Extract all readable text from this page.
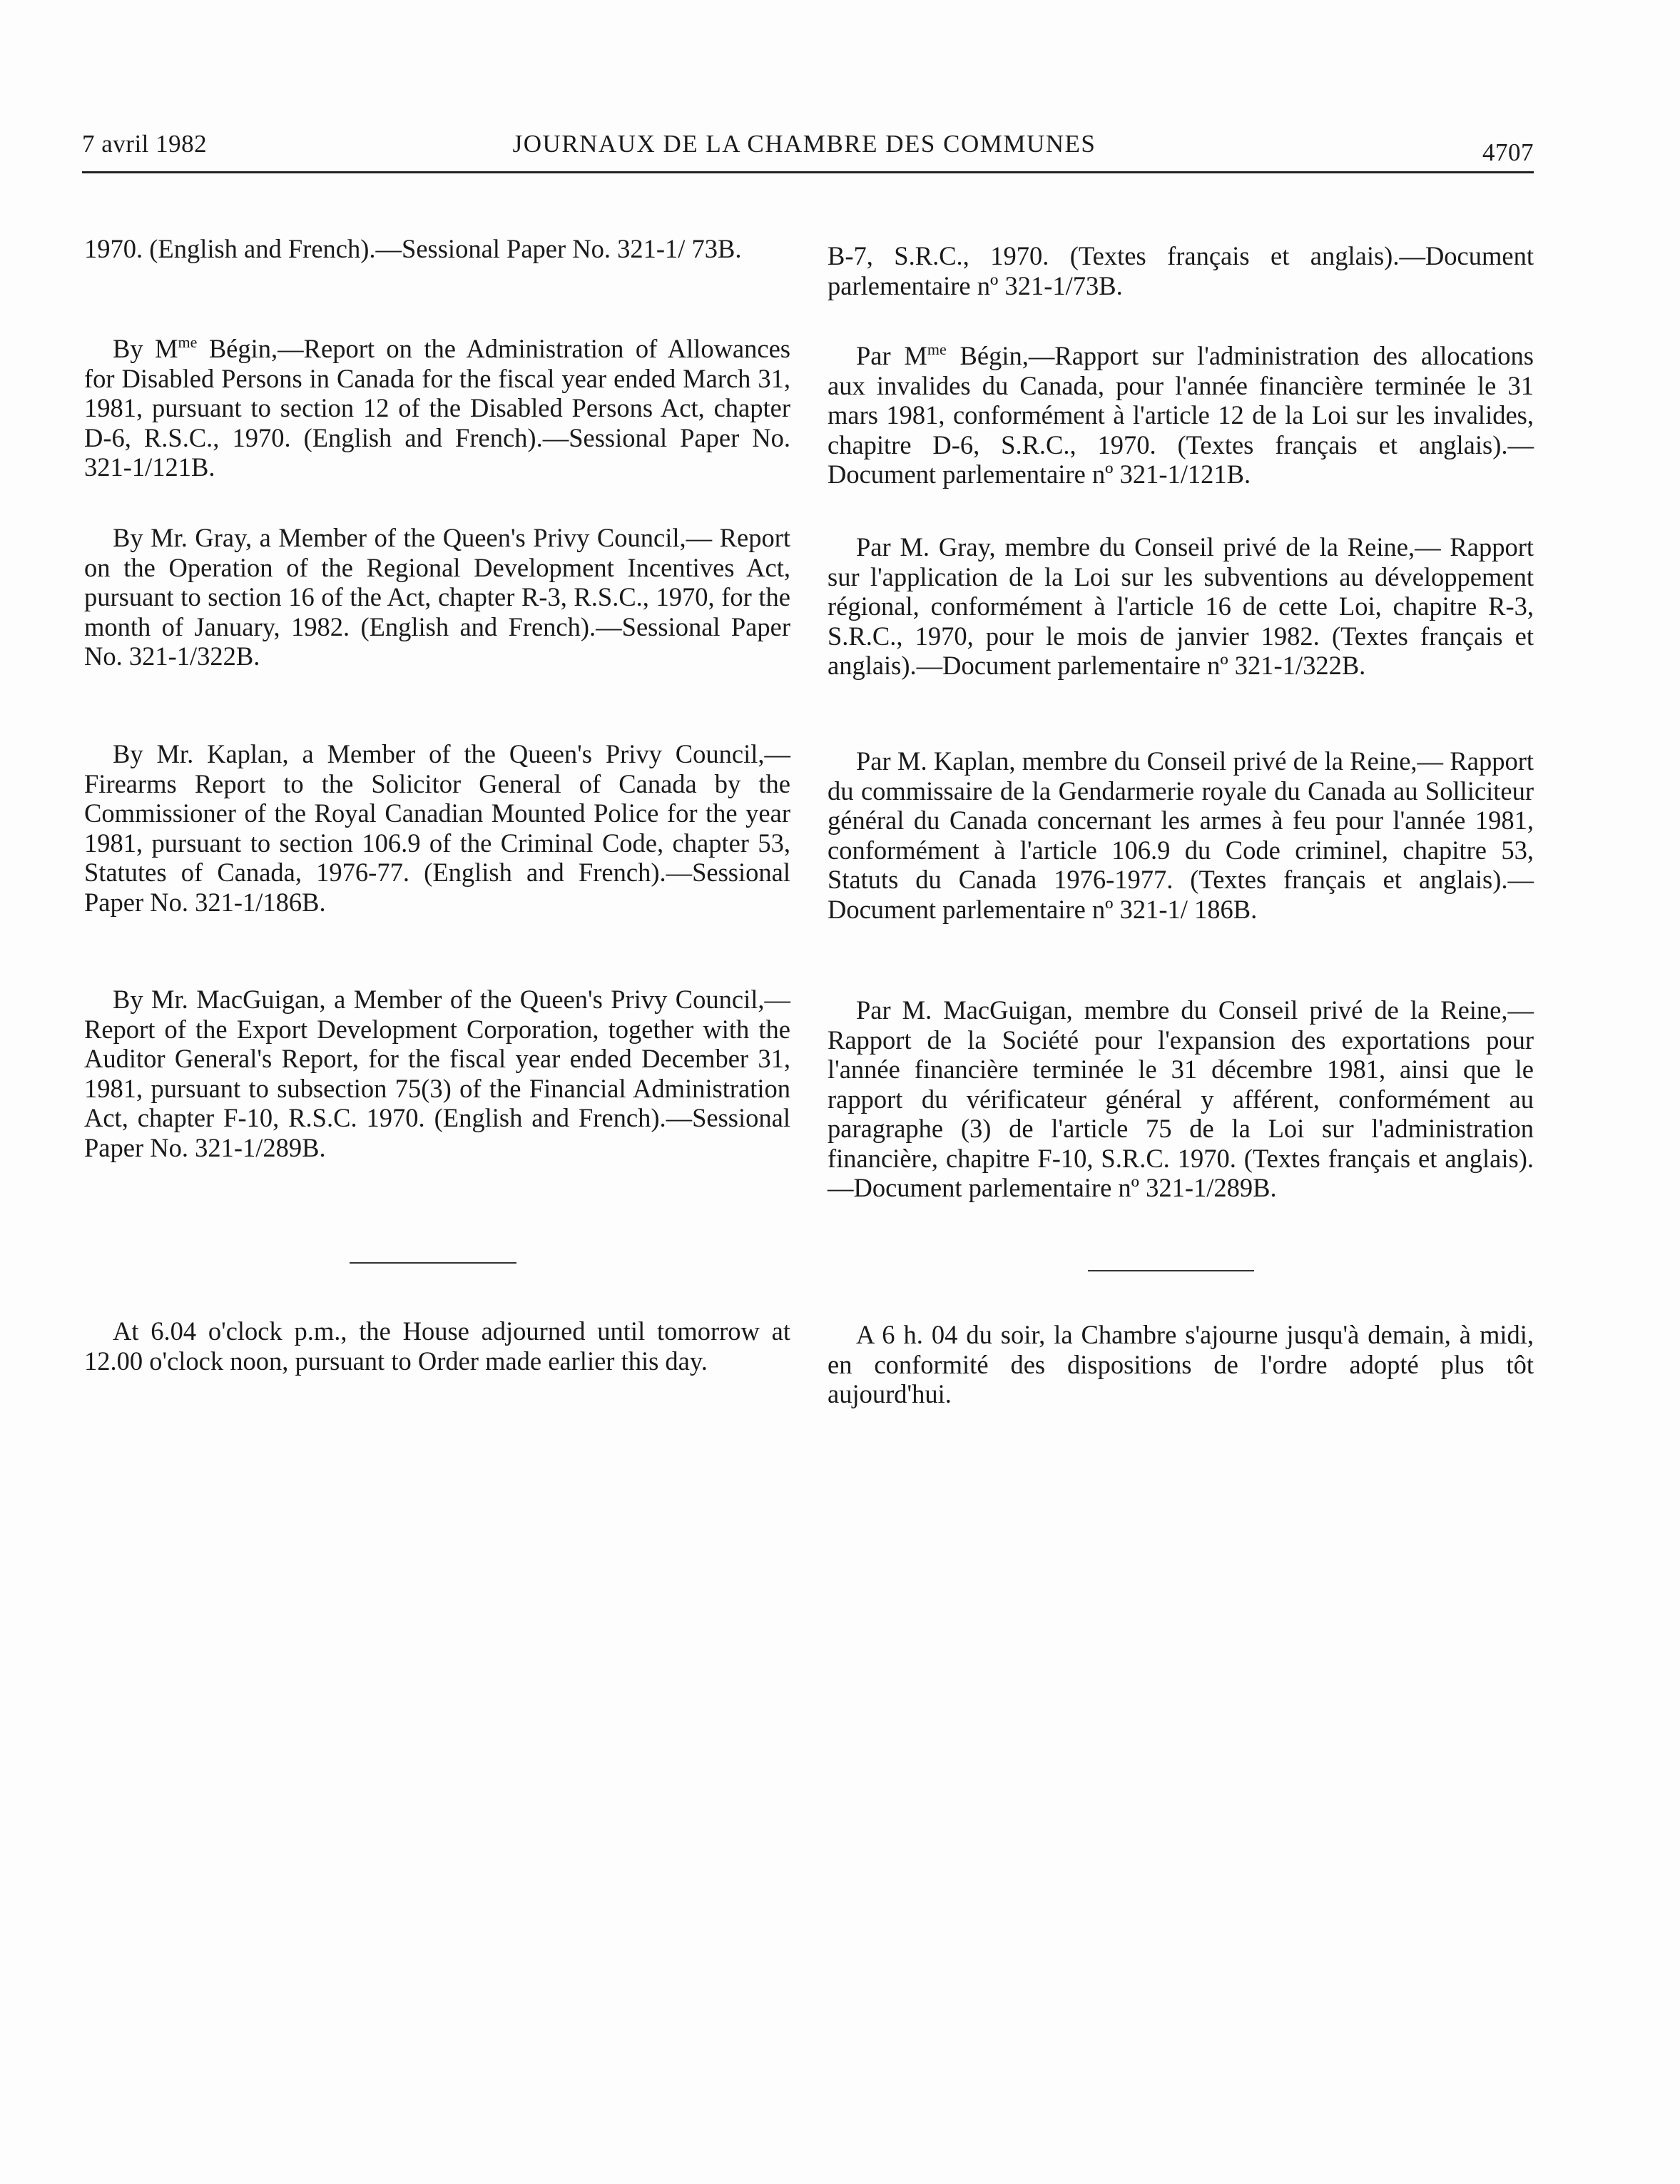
7 avril 1982	JOURNAUX DE LA CHAMBRE DES COMMUNES	4707

1970. (English and French).—Sessional Paper No. 321-1/ 73B.

By $M^{me}$ Bégin,—Report on the Administration of Allowances for Disabled Persons in Canada for the fiscal year ended March 31, 1981, pursuant to section 12 of the Disabled Persons Act, chapter D-6, R.S.C., 1970. (English and French).—Sessional Paper No. 321-1/121B.

By Mr. Gray, a Member of the Queen's Privy Council,— Report on the Operation of the Regional Development Incentives Act, pursuant to section 16 of the Act, chapter R-3, R.S.C., 1970, for the month of January, 1982. (English and French).—Sessional Paper No. 321-1/322B.

By Mr. Kaplan, a Member of the Queen's Privy Council,— Firearms Report to the Solicitor General of Canada by the Commissioner of the Royal Canadian Mounted Police for the year 1981, pursuant to section 106.9 of the Criminal Code, chapter 53, Statutes of Canada, 1976-77. (English and French).—Sessional Paper No. 321-1/186B.

By Mr. MacGuigan, a Member of the Queen's Privy Council,—Report of the Export Development Corporation, together with the Auditor General's Report, for the fiscal year ended December 31, 1981, pursuant to subsection 75(3) of the Financial Administration Act, chapter F-10, R.S.C. 1970. (English and French).—Sessional Paper No. 321-1/289B.

At 6.04 o'clock p.m., the House adjourned until tomorrow at 12.00 o'clock noon, pursuant to Order made earlier this day.

B-7, S.R.C., 1970. (Textes français et anglais).—Document parlementaire nº 321-1/73B.

Par $M^{me}$ Bégin,—Rapport sur l'administration des allocations aux invalides du Canada, pour l'année financière terminée le 31 mars 1981, conformément à l'article 12 de la Loi sur les invalides, chapitre D-6, S.R.C., 1970. (Textes français et anglais).—Document parlementaire nº 321-1/121B.

Par M. Gray, membre du Conseil privé de la Reine,— Rapport sur l'application de la Loi sur les subventions au développement régional, conformément à l'article 16 de cette Loi, chapitre R-3, S.R.C., 1970, pour le mois de janvier 1982. (Textes français et anglais).—Document parlementaire nº 321-1/322B.

Par M. Kaplan, membre du Conseil privé de la Reine,— Rapport du commissaire de la Gendarmerie royale du Canada au Solliciteur général du Canada concernant les armes à feu pour l'année 1981, conformément à l'article 106.9 du Code criminel, chapitre 53, Statuts du Canada 1976-1977. (Textes français et anglais).—Document parlementaire nº 321-1/ 186B.

Par M. MacGuigan, membre du Conseil privé de la Reine,—Rapport de la Société pour l'expansion des exportations pour l'année financière terminée le 31 décembre 1981, ainsi que le rapport du vérificateur général y afférent, conformément au paragraphe (3) de l'article 75 de la Loi sur l'administration financière, chapitre F-10, S.R.C. 1970. (Textes français et anglais).—Document parlementaire nº 321-1/289B.

A 6 h. 04 du soir, la Chambre s'ajourne jusqu'à demain, à midi, en conformité des dispositions de l'ordre adopté plus tôt aujourd'hui.
